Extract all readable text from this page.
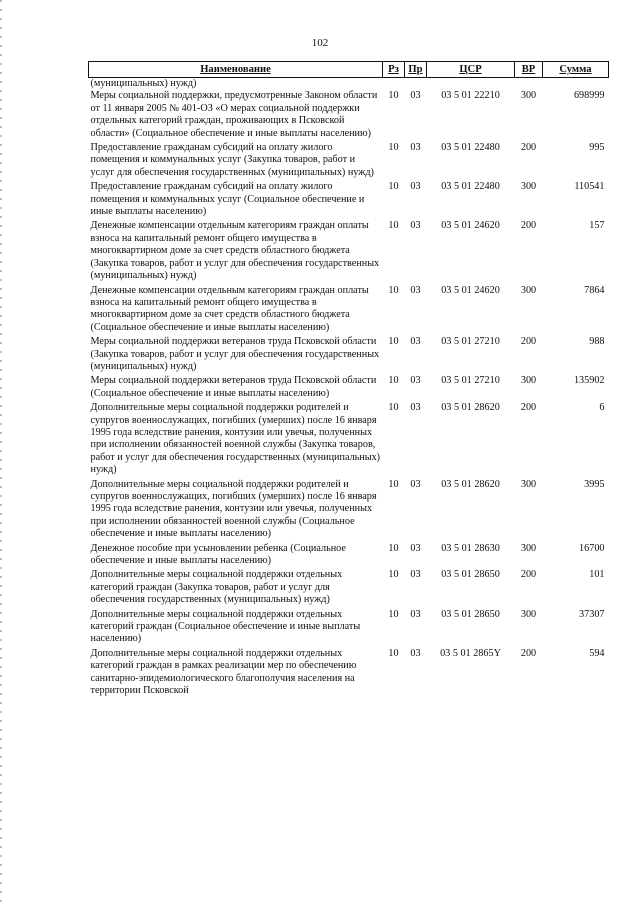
102
Наименование	Рз	Пр	ЦСР	ВР	Сумма
(муниципальных) нужд)					
Меры социальной поддержки, предусмотренные Законом области от 11 января 2005 № 401-ОЗ «О мерах социальной поддержки отдельных категорий граждан, проживающих в Псковской области» (Социальное обеспечение и иные выплаты населению)	10	03	03 5 01 22210	300	698999
Предоставление гражданам субсидий на оплату жилого помещения и коммунальных услуг (Закупка товаров, работ и услуг для обеспечения государственных (муниципальных) нужд)	10	03	03 5 01 22480	200	995
Предоставление гражданам субсидий на оплату жилого помещения и коммунальных услуг (Социальное обеспечение и иные выплаты населению)	10	03	03 5 01 22480	300	110541
Денежные компенсации отдельным категориям граждан оплаты взноса на капитальный ремонт общего имущества в многоквартирном доме за счет средств областного бюджета (Закупка товаров, работ и услуг для обеспечения государственных (муниципальных) нужд)	10	03	03 5 01 24620	200	157
Денежные компенсации отдельным категориям граждан оплаты взноса на капитальный ремонт общего имущества в многоквартирном доме за счет средств областного бюджета (Социальное обеспечение и иные выплаты населению)	10	03	03 5 01 24620	300	7864
Меры социальной поддержки ветеранов труда Псковской области (Закупка товаров, работ и услуг для обеспечения государственных (муниципальных) нужд)	10	03	03 5 01 27210	200	988
Меры социальной поддержки ветеранов труда Псковской области (Социальное обеспечение и иные выплаты населению)	10	03	03 5 01 27210	300	135902
Дополнительные меры социальной поддержки родителей и супругов военнослужащих, погибших (умерших) после 16 января 1995 года вследствие ранения, контузии или увечья, полученных при исполнении обязанностей военной службы (Закупка товаров, работ и услуг для обеспечения государственных (муниципальных) нужд)	10	03	03 5 01 28620	200	6
Дополнительные меры социальной поддержки родителей и супругов военнослужащих, погибших (умерших) после 16 января 1995 года вследствие ранения, контузии или увечья, полученных при исполнении обязанностей военной службы (Социальное обеспечение и иные выплаты населению)	10	03	03 5 01 28620	300	3995
Денежное пособие при усыновлении ребенка (Социальное обеспечение и иные выплаты населению)	10	03	03 5 01 28630	300	16700
Дополнительные меры социальной поддержки отдельных категорий граждан (Закупка товаров, работ и услуг для обеспечения государственных (муниципальных) нужд)	10	03	03 5 01 28650	200	101
Дополнительные меры социальной поддержки отдельных категорий граждан (Социальное обеспечение и иные выплаты населению)	10	03	03 5 01 28650	300	37307
Дополнительные меры социальной поддержки отдельных категорий граждан в рамках реализации мер по обеспечению санитарно-эпидемиологического благополучия населения на территории Псковской	10	03	03 5 01 2865Y	200	594
